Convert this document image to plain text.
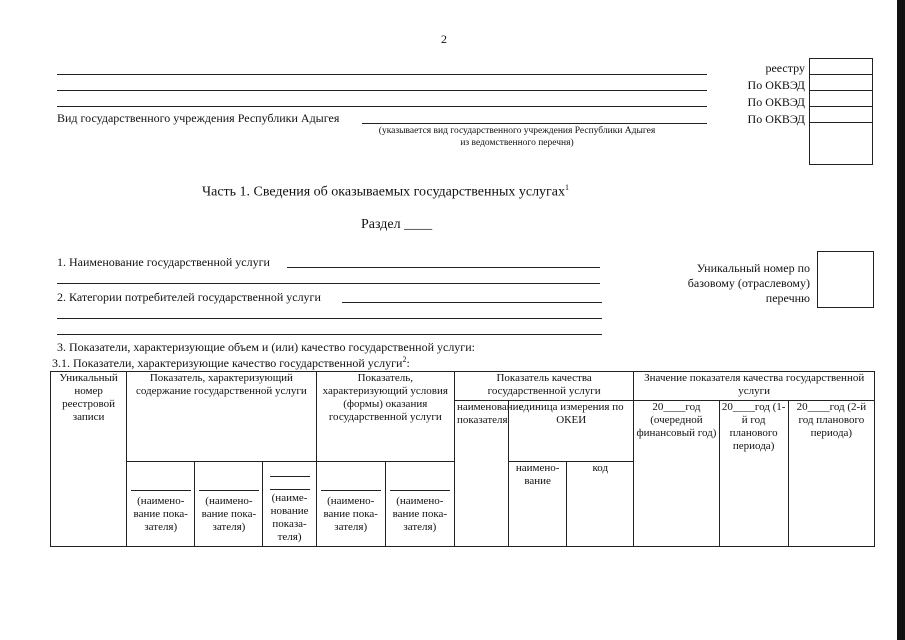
2
реестру
По ОКВЭД
По ОКВЭД
По ОКВЭД
Вид государственного учреждения Республики Адыгея
(указывается вид государственного учреждения Республики Адыгея
из ведомственного перечня)
Часть 1. Сведения об оказываемых государственных услугах$^1$
Раздел ____
1. Наименование государственной услуги
2. Категории потребителей государственной услуги
Уникальный номер по
базовому (отраслевому)
перечню
3. Показатели, характеризующие объем и (или) качество государственной услуги:
3.1. Показатели, характеризующие качество государственной услуги$^2$:
Уникальный номер реестровой записи	Показатель, характеризующий содержание государственной услуги			Показатель, характеризующий условия (формы) оказания государственной услуги		Показатель качества государственной услуги			Значение показателя качества государственной услуги		
						наименование показателя	единица измерения по ОКЕИ		20____год (очередной финансовый год)	20____год (1-й год планового периода)	20____год (2-й год планового периода)

(наимено-вание пока-зателя)	(наимено-вание пока-зателя)	(наиме-нование показа-теля)	(наимено-вание пока-зателя)	(наимено-вание пока-зателя)		наимено-вание	код			
